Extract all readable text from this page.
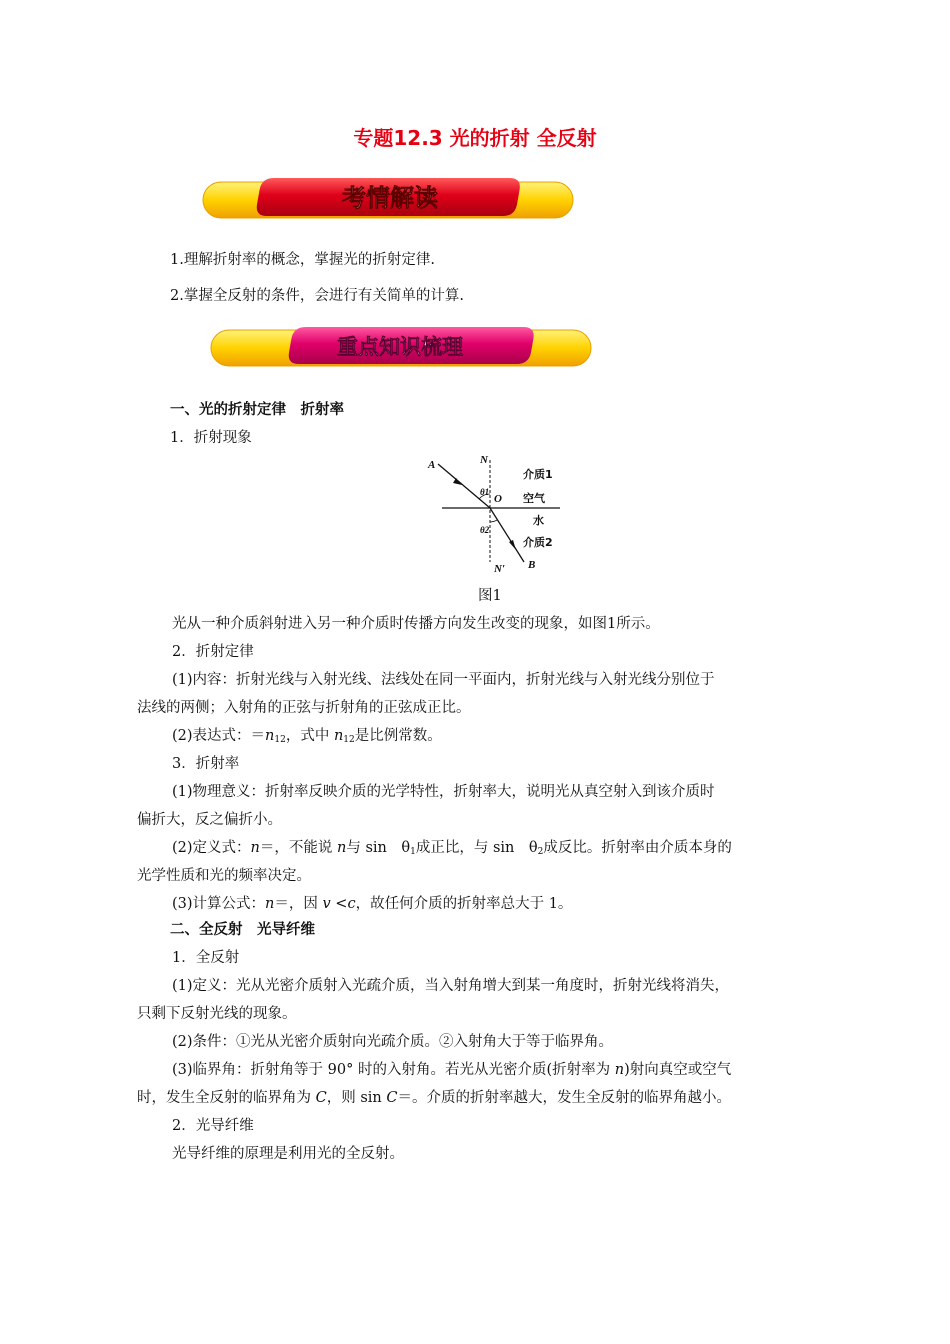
专题12.3 光的折射 全反射
考情解读
1.理解折射率的概念，掌握光的折射定律.
2.掌握全反射的条件，会进行有关简单的计算.
重点知识梳理
一、光的折射定律　折射率
1．折射现象
A	N
O
θ1
θ2
N′ B
介质1
空气
水
介质2
图1
光从一种介质斜射进入另一种介质时传播方向发生改变的现象，如图1所示。
2．折射定律
(1)内容：折射光线与入射光线、法线处在同一平面内，折射光线与入射光线分别位于
法线的两侧；入射角的正弦与折射角的正弦成正比。
(2)表达式：$=n_{12}$，式中 $n_{12}$是比例常数。
3．折射率
(1)物理意义：折射率反映介质的光学特性，折射率大，说明光从真空射入到该介质时
偏折大，反之偏折小。
(2)定义式：n＝，不能说 n与 sin　$\theta_1$成正比，与 sin　$\theta_2$成反比。折射率由介质本身的
光学性质和光的频率决定。
(3)计算公式：n＝，因 v <c，故任何介质的折射率总大于 1。
二、全反射　光导纤维
1．全反射
(1)定义：光从光密介质射入光疏介质，当入射角增大到某一角度时，折射光线将消失，
只剩下反射光线的现象。
(2)条件：①光从光密介质射向光疏介质。②入射角大于等于临界角。
(3)临界角：折射角等于 90° 时的入射角。若光从光密介质(折射率为 n)射向真空或空气
时，发生全反射的临界角为 C，则 sin C＝。介质的折射率越大，发生全反射的临界角越小。
2．光导纤维
光导纤维的原理是利用光的全反射。
